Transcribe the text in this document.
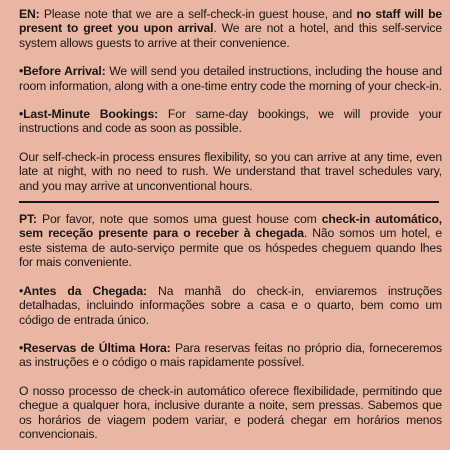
EN: Please note that we are a self-check-in guest house, and no staff will be present to greet you upon arrival. We are not a hotel, and this self-service system allows guests to arrive at their convenience.

•Before Arrival: We will send you detailed instructions, including the house and room information, along with a one-time entry code the morning of your check-in.

•Last-Minute Bookings: For same-day bookings, we will provide your instructions and code as soon as possible.

Our self-check-in process ensures flexibility, so you can arrive at any time, even late at night, with no need to rush. We understand that travel schedules vary, and you may arrive at unconventional hours.

PT: Por favor, note que somos uma guest house com check-in automático, sem receção presente para o receber à chegada. Não somos um hotel, e este sistema de auto-serviço permite que os hóspedes cheguem quando lhes for mais conveniente.

•Antes da Chegada: Na manhã do check-in, enviaremos instruções detalhadas, incluindo informações sobre a casa e o quarto, bem como um código de entrada único.

•Reservas de Última Hora: Para reservas feitas no próprio dia, forneceremos as instruções e o código o mais rapidamente possível.

O nosso processo de check-in automático oferece flexibilidade, permitindo que chegue a qualquer hora, inclusive durante a noite, sem pressas. Sabemos que os horários de viagem podem variar, e poderá chegar em horários menos convencionais.
